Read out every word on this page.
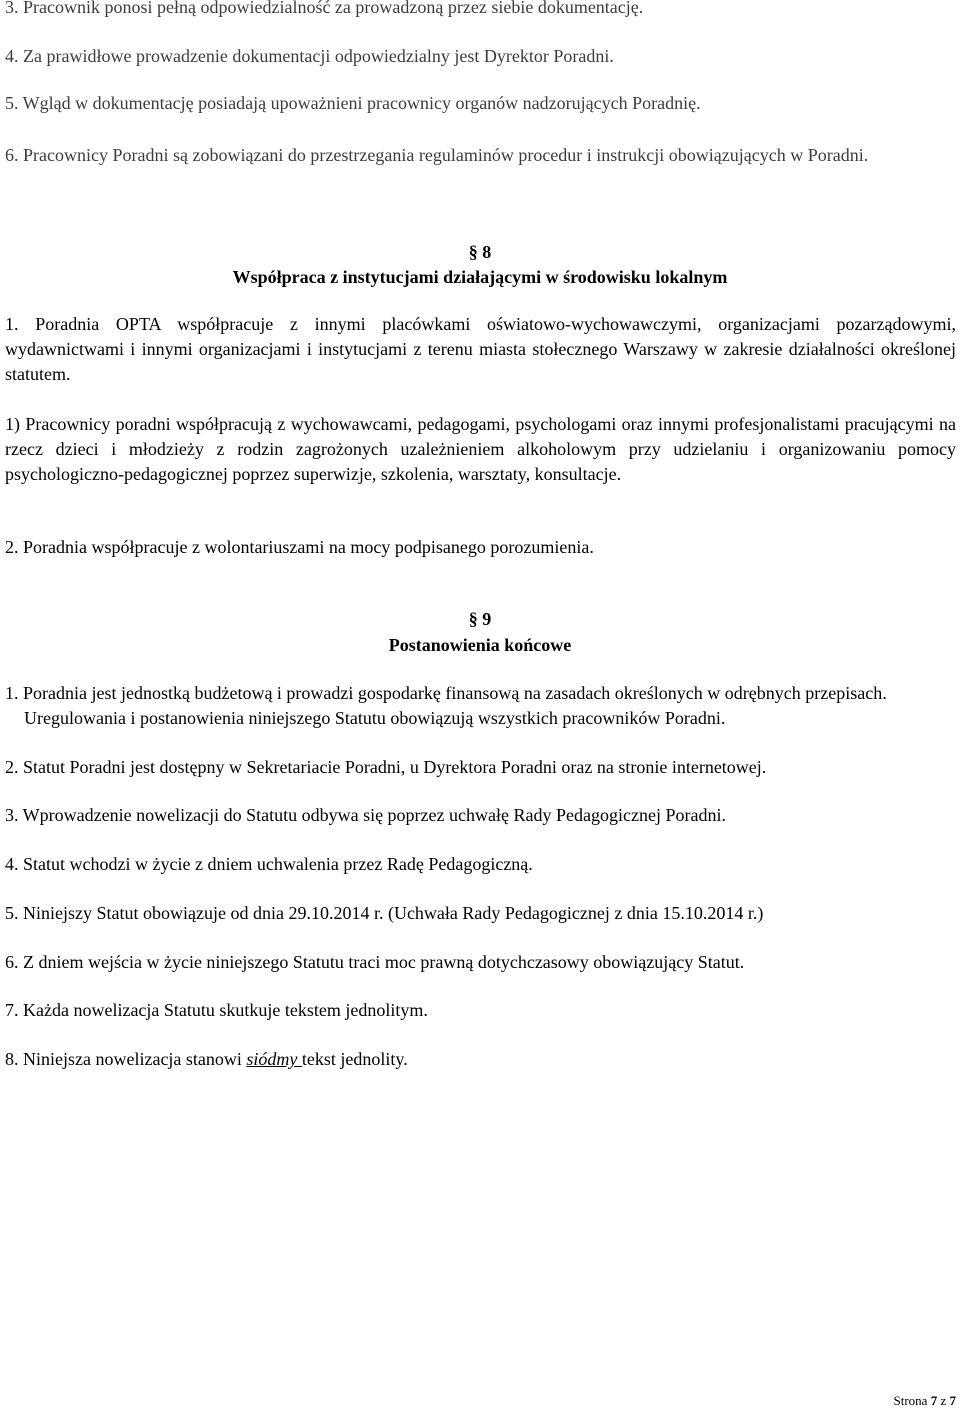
3. Pracownik ponosi pełną odpowiedzialność za prowadzoną przez siebie dokumentację.

4. Za prawidłowe prowadzenie dokumentacji odpowiedzialny jest Dyrektor Poradni.

5. Wgląd w dokumentację posiadają upoważnieni pracownicy organów nadzorujących Poradnię.

6. Pracownicy Poradni są zobowiązani do przestrzegania regulaminów procedur i instrukcji obowiązujących w Poradni.

§ 8

Współpraca z instytucjami działającymi w środowisku lokalnym

1. Poradnia OPTA współpracuje z innymi placówkami oświatowo-wychowawczymi, organizacjami pozarządowymi, wydawnictwami i innymi organizacjami i instytucjami z terenu miasta stołecznego Warszawy w zakresie działalności określonej statutem.

1) Pracownicy poradni współpracują z wychowawcami, pedagogami, psychologami oraz innymi profesjonalistami pracującymi na rzecz dzieci i młodzieży z rodzin zagrożonych uzależnieniem alkoholowym przy udzielaniu i organizowaniu pomocy psychologiczno-pedagogicznej poprzez superwizje, szkolenia, warsztaty, konsultacje.

2. Poradnia współpracuje z wolontariuszami na mocy podpisanego porozumienia.

§ 9

Postanowienia końcowe

1. Poradnia jest jednostką budżetową i prowadzi gospodarkę finansową na zasadach określonych w odrębnych przepisach. Uregulowania i postanowienia niniejszego Statutu obowiązują wszystkich pracowników Poradni.

2. Statut Poradni jest dostępny w Sekretariacie Poradni, u Dyrektora Poradni oraz na stronie internetowej.

3. Wprowadzenie nowelizacji do Statutu odbywa się poprzez uchwałę Rady Pedagogicznej Poradni.

4. Statut wchodzi w życie z dniem uchwalenia przez Radę Pedagogiczną.

5. Niniejszy Statut obowiązuje od dnia 29.10.2014 r. (Uchwała Rady Pedagogicznej z dnia 15.10.2014 r.)

6. Z dniem wejścia w życie niniejszego Statutu traci moc prawną dotychczasowy obowiązujący Statut.

7. Każda nowelizacja Statutu skutkuje tekstem jednolitym.

8. Niniejsza nowelizacja stanowi siódmy tekst jednolity.

Strona 7 z 7
